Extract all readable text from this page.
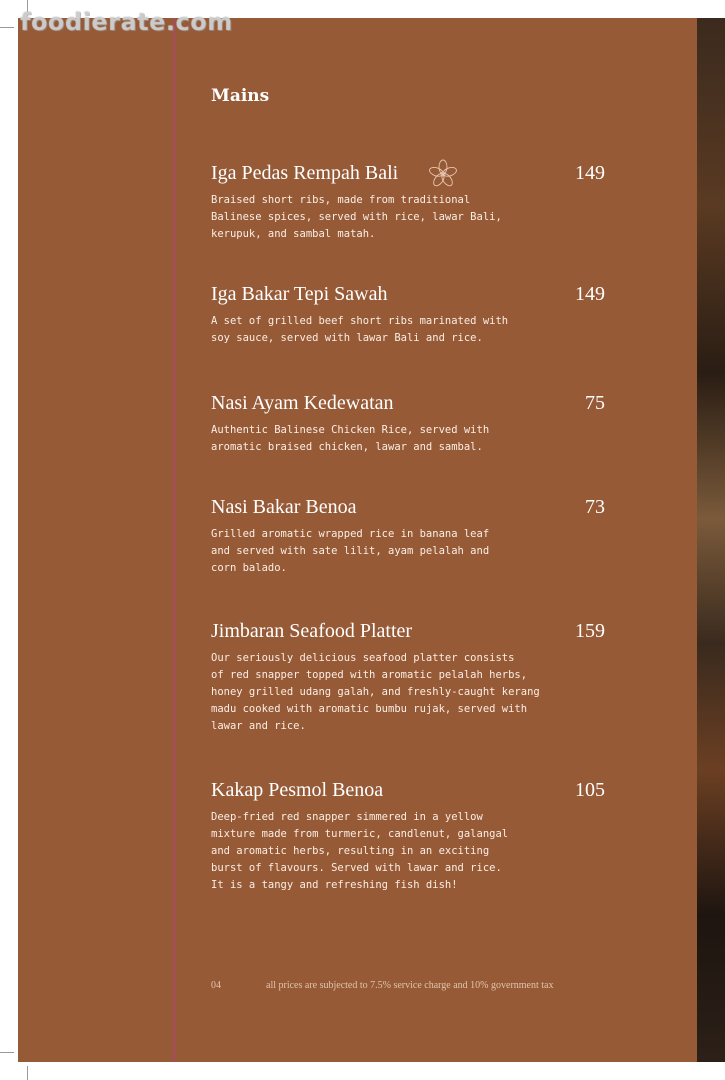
Mains
Iga Pedas Rempah Bali	149
Braised short ribs, made from traditional
Balinese spices, served with rice, lawar Bali,
kerupuk, and sambal matah.
Iga Bakar Tepi Sawah	149
A set of grilled beef short ribs marinated with
soy sauce, served with lawar Bali and rice.
Nasi Ayam Kedewatan	75
Authentic Balinese Chicken Rice, served with
aromatic braised chicken, lawar and sambal.
Nasi Bakar Benoa	73
Grilled aromatic wrapped rice in banana leaf
and served with sate lilit, ayam pelalah and
corn balado.
Jimbaran Seafood Platter	159
Our seriously delicious seafood platter consists
of red snapper topped with aromatic pelalah herbs,
honey grilled udang galah, and freshly-caught kerang
madu cooked with aromatic bumbu rujak, served with
lawar and rice.
Kakap Pesmol Benoa	105
Deep-fried red snapper simmered in a yellow
mixture made from turmeric, candlenut, galangal
and aromatic herbs, resulting in an exciting
burst of flavours. Served with lawar and rice.
It is a tangy and refreshing fish dish!
04	all prices are subjected to 7.5% service charge and 10% government tax
foodierate.com
